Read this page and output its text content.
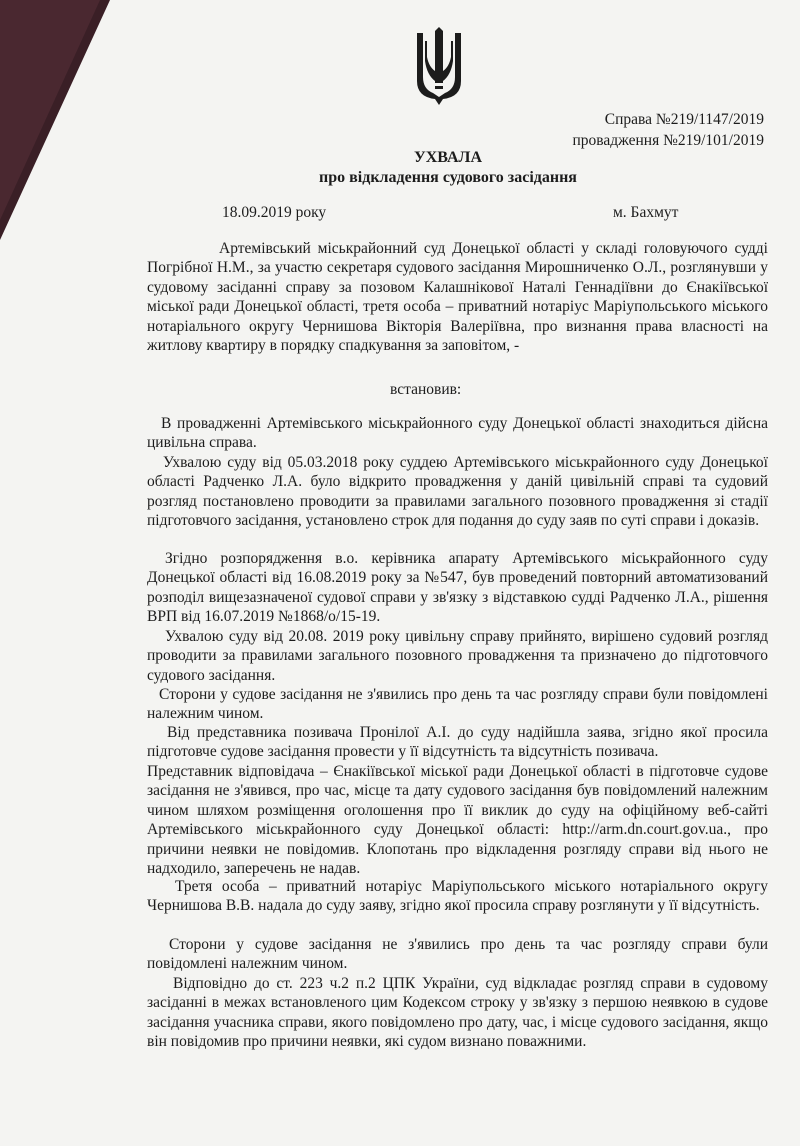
Справа №219/1147/2019
провадження №219/101/2019
УХВАЛА
про відкладення судового засідання
18.09.2019 року	м. Бахмут

Артемівський міськрайонний суд Донецької області у складі головуючого судді Погрібної Н.М., за участю секретаря судового засідання Мирошниченко О.Л., розглянувши у судовому засіданні справу за позовом Калашнікової Наталі Геннадіївни до Єнакіївської міської ради Донецької області, третя особа – приватний нотаріус Маріупольського міського нотаріального округу Чернишова Вікторія Валеріївна, про визнання права власності на житлову квартиру в порядку спадкування за заповітом, -

встановив:

В провадженні Артемівського міськрайонного суду Донецької області знаходиться дійсна цивільна справа.

Ухвалою суду від 05.03.2018 року суддею Артемівського міськрайонного суду Донецької області Радченко Л.А. було відкрито провадження у даній цивільній справі та судовий розгляд постановлено проводити за правилами загального позовного провадження зі стадії підготовчого засідання, установлено строк для подання до суду заяв по суті справи і доказів.

Згідно розпорядження в.о. керівника апарату Артемівського міськрайонного суду Донецької області від 16.08.2019 року за №547, був проведений повторний автоматизований розподіл вищезазначеної судової справи у зв'язку з відставкою судді Радченко Л.А., рішення ВРП від 16.07.2019 №1868/о/15-19.

Ухвалою суду від 20.08. 2019 року цивільну справу прийнято, вирішено судовий розгляд проводити за правилами загального позовного провадження та призначено до підготовчого судового засідання.

Сторони у судове засідання не з'явились про день та час розгляду справи були повідомлені належним чином.

Від представника позивача Пронілої А.І. до суду надійшла заява, згідно якої просила підготовче судове засідання провести у її відсутність та відсутність позивача.

Представник відповідача – Єнакіївської міської ради Донецької області в підготовче судове засідання не з'явився, про час, місце та дату судового засідання був повідомлений належним чином шляхом розміщення оголошення про її виклик до суду на офіційному веб-сайті Артемівського міськрайонного суду Донецької області: http://arm.dn.court.gov.ua., про причини неявки не повідомив. Клопотань про відкладення розгляду справи від нього не надходило, заперечень не надав.

Третя особа – приватний нотаріус Маріупольського міського нотаріального округу Чернишова В.В. надала до суду заяву, згідно якої просила справу розглянути у її відсутність.

Сторони у судове засідання не з'явились про день та час розгляду справи були повідомлені належним чином.

Відповідно до ст. 223 ч.2 п.2 ЦПК України, суд відкладає розгляд справи в судовому засіданні в межах встановленого цим Кодексом строку у зв'язку з першою неявкою в судове засідання учасника справи, якого повідомлено про дату, час, і місце судового засідання, якщо він повідомив про причини неявки, які судом визнано поважними.
